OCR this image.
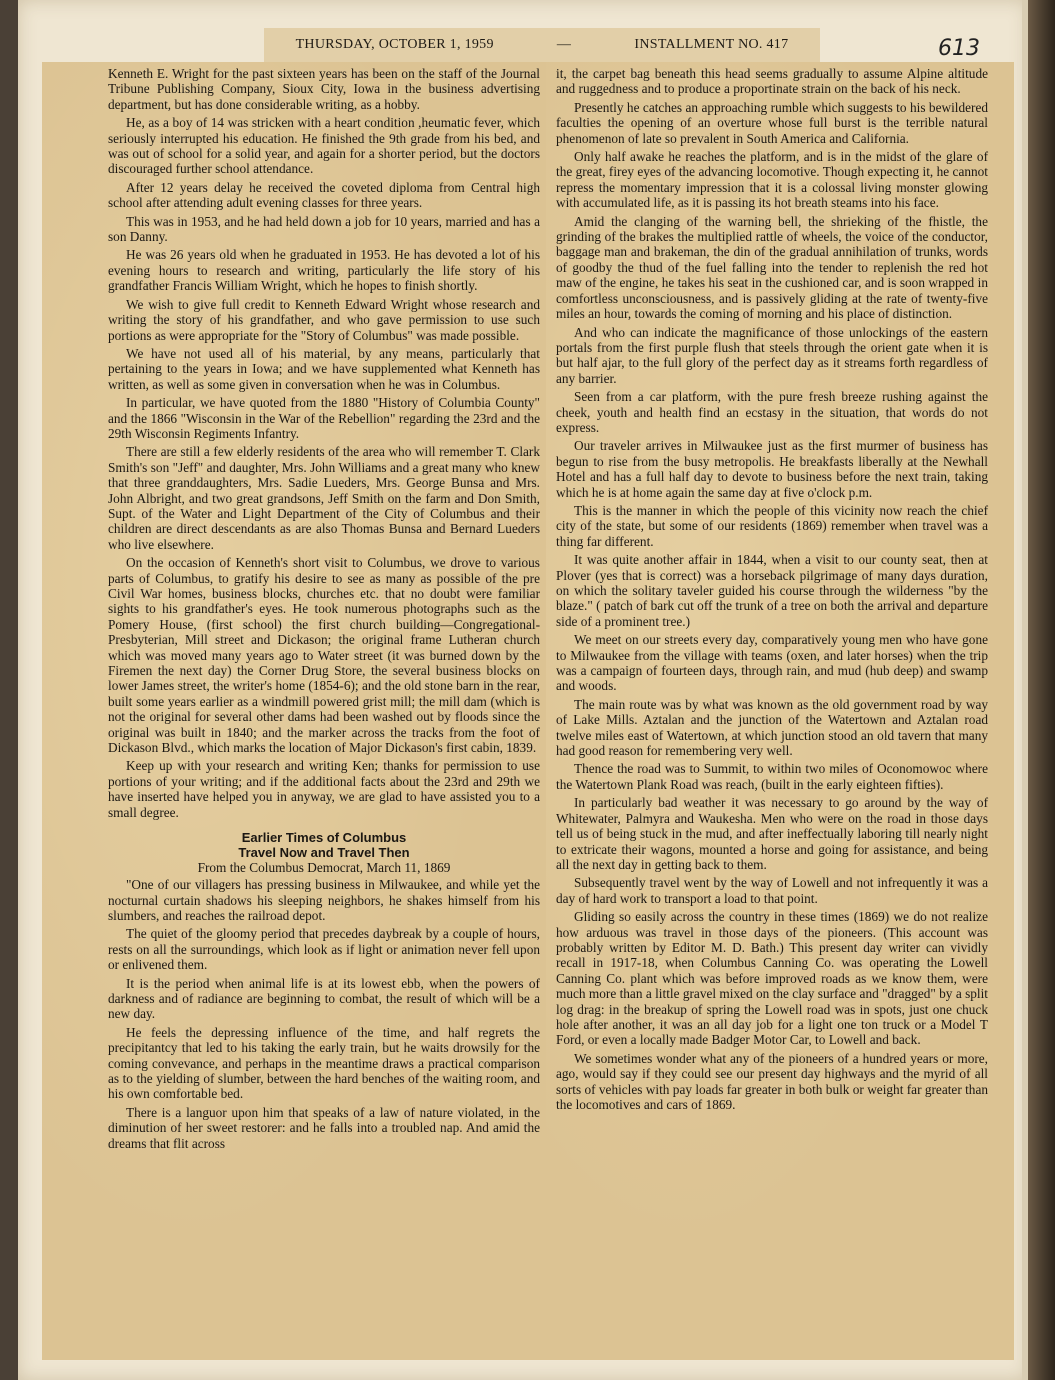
THURSDAY, OCTOBER 1, 1959	—	INSTALLMENT NO. 417	613

Kenneth E. Wright for the past sixteen years has been on the staff of the Journal Tribune Publishing Company, Sioux City, Iowa in the business advertising department, but has done considerable writing, as a hobby.

He, as a boy of 14 was stricken with a heart condition ,heumatic fever, which seriously interrupted his education. He finished the 9th grade from his bed, and was out of school for a solid year, and again for a shorter period, but the doctors discouraged further school attendance.

After 12 years delay he received the coveted diploma from Central high school after attending adult evening classes for three years.

This was in 1953, and he had held down a job for 10 years, married and has a son Danny.

He was 26 years old when he graduated in 1953. He has devoted a lot of his evening hours to research and writing, particularly the life story of his grandfather Francis William Wright, which he hopes to finish shortly.

We wish to give full credit to Kenneth Edward Wright whose research and writing the story of his grandfather, and who gave permission to use such portions as were appropriate for the "Story of Columbus" was made possible.

We have not used all of his material, by any means, particularly that pertaining to the years in Iowa; and we have supplemented what Kenneth has written, as well as some given in conversation when he was in Columbus.

In particular, we have quoted from the 1880 "History of Columbia County" and the 1866 "Wisconsin in the War of the Rebellion" regarding the 23rd and the 29th Wisconsin Regiments Infantry.

There are still a few elderly residents of the area who will remember T. Clark Smith's son "Jeff" and daughter, Mrs. John Williams and a great many who knew that three granddaughters, Mrs. Sadie Lueders, Mrs. George Bunsa and Mrs. John Albright, and two great grandsons, Jeff Smith on the farm and Don Smith, Supt. of the Water and Light Department of the City of Columbus and their children are direct descendants as are also Thomas Bunsa and Bernard Lueders who live elsewhere.

On the occasion of Kenneth's short visit to Columbus, we drove to various parts of Columbus, to gratify his desire to see as many as possible of the pre Civil War homes, business blocks, churches etc. that no doubt were familiar sights to his grandfather's eyes. He took numerous photographs such as the Pomery House, (first school) the first church building—Congregational-Presbyterian, Mill street and Dickason; the original frame Lutheran church which was moved many years ago to Water street (it was burned down by the Firemen the next day) the Corner Drug Store, the several business blocks on lower James street, the writer's home (1854-6); and the old stone barn in the rear, built some years earlier as a windmill powered grist mill; the mill dam (which is not the original for several other dams had been washed out by floods since the original was built in 1840; and the marker across the tracks from the foot of Dickason Blvd., which marks the location of Major Dickason's first cabin, 1839.

Keep up with your research and writing Ken; thanks for permission to use portions of your writing; and if the additional facts about the 23rd and 29th we have inserted have helped you in anyway, we are glad to have assisted you to a small degree.

Earlier Times of Columbus
Travel Now and Travel Then
From the Columbus Democrat, March 11, 1869

"One of our villagers has pressing business in Milwaukee, and while yet the nocturnal curtain shadows his sleeping neighbors, he shakes himself from his slumbers, and reaches the railroad depot.

The quiet of the gloomy period that precedes daybreak by a couple of hours, rests on all the surroundings, which look as if light or animation never fell upon or enlivened them.

It is the period when animal life is at its lowest ebb, when the powers of darkness and of radiance are beginning to combat, the result of which will be a new day.

He feels the depressing influence of the time, and half regrets the precipitantcy that led to his taking the early train, but he waits drowsily for the coming convevance, and perhaps in the meantime draws a practical comparison as to the yielding of slumber, between the hard benches of the waiting room, and his own comfortable bed.

There is a languor upon him that speaks of a law of nature violated, in the diminution of her sweet restorer: and he falls into a troubled nap. And amid the dreams that flit across

it, the carpet bag beneath this head seems gradually to assume Alpine altitude and ruggedness and to produce a proportinate strain on the back of his neck.

Presently he catches an approaching rumble which suggests to his bewildered faculties the opening of an overture whose full burst is the terrible natural phenomenon of late so prevalent in South America and California.

Only half awake he reaches the platform, and is in the midst of the glare of the great, firey eyes of the advancing locomotive. Though expecting it, he cannot repress the momentary impression that it is a colossal living monster glowing with accumulated life, as it is passing its hot breath steams into his face.

Amid the clanging of the warning bell, the shrieking of the fhistle, the grinding of the brakes the multiplied rattle of wheels, the voice of the conductor, baggage man and brakeman, the din of the gradual annihilation of trunks, words of goodby the thud of the fuel falling into the tender to replenish the red hot maw of the engine, he takes his seat in the cushioned car, and is soon wrapped in comfortless unconsciousness, and is passively gliding at the rate of twenty-five miles an hour, towards the coming of morning and his place of distinction.

And who can indicate the magnificance of those unlockings of the eastern portals from the first purple flush that steels through the orient gate when it is but half ajar, to the full glory of the perfect day as it streams forth regardless of any barrier.

Seen from a car platform, with the pure fresh breeze rushing against the cheek, youth and health find an ecstasy in the situation, that words do not express.

Our traveler arrives in Milwaukee just as the first murmer of business has begun to rise from the busy metropolis. He breakfasts liberally at the Newhall Hotel and has a full half day to devote to business before the next train, taking which he is at home again the same day at five o'clock p.m.

This is the manner in which the people of this vicinity now reach the chief city of the state, but some of our residents (1869) remember when travel was a thing far different.

It was quite another affair in 1844, when a visit to our county seat, then at Plover (yes that is correct) was a horseback pilgrimage of many days duration, on which the solitary taveler guided his course through the wilderness "by the blaze." ( patch of bark cut off the trunk of a tree on both the arrival and departure side of a prominent tree.)

We meet on our streets every day, comparatively young men who have gone to Milwaukee from the village with teams (oxen, and later horses) when the trip was a campaign of fourteen days, through rain, and mud (hub deep) and swamp and woods.

The main route was by what was known as the old government road by way of Lake Mills. Aztalan and the junction of the Watertown and Aztalan road twelve miles east of Watertown, at which junction stood an old tavern that many had good reason for remembering very well.

Thence the road was to Summit, to within two miles of Oconomowoc where the Watertown Plank Road was reach, (built in the early eighteen fifties).

In particularly bad weather it was necessary to go around by the way of Whitewater, Palmyra and Waukesha. Men who were on the road in those days tell us of being stuck in the mud, and after ineffectually laboring till nearly night to extricate their wagons, mounted a horse and going for assistance, and being all the next day in getting back to them.

Subsequently travel went by the way of Lowell and not infrequently it was a day of hard work to transport a load to that point.

Gliding so easily across the country in these times (1869) we do not realize how arduous was travel in those days of the pioneers. (This account was probably written by Editor M. D. Bath.) This present day writer can vividly recall in 1917-18, when Columbus Canning Co. was operating the Lowell Canning Co. plant which was before improved roads as we know them, were much more than a little gravel mixed on the clay surface and "dragged" by a split log drag: in the breakup of spring the Lowell road was in spots, just one chuck hole after another, it was an all day job for a light one ton truck or a Model T Ford, or even a locally made Badger Motor Car, to Lowell and back.

We sometimes wonder what any of the pioneers of a hundred years or more, ago, would say if they could see our present day highways and the myrid of all sorts of vehicles with pay loads far greater in both bulk or weight far greater than the locomotives and cars of 1869.
